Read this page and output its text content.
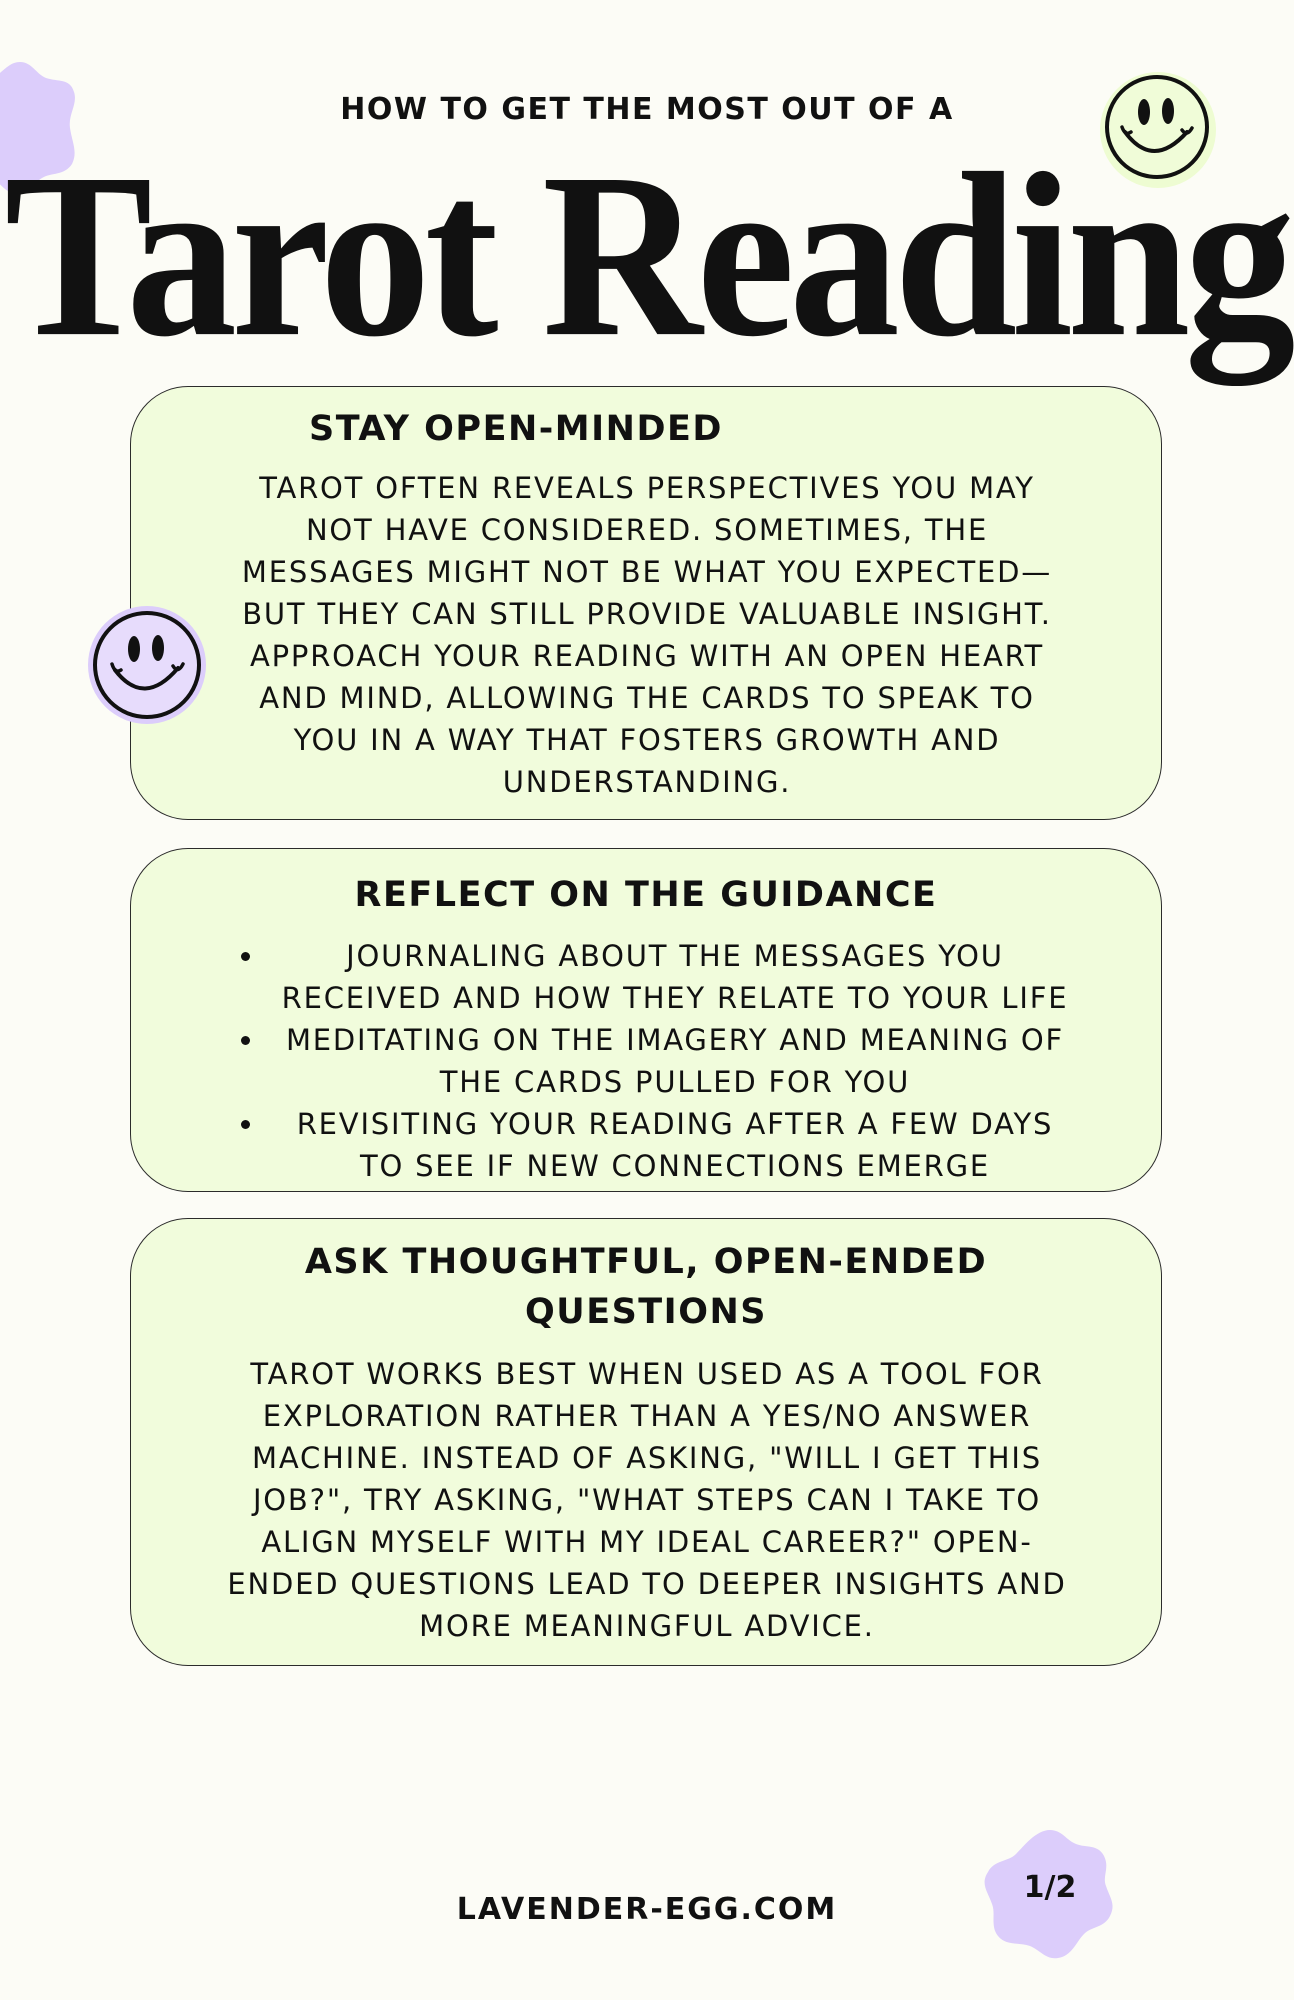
HOW TO GET THE MOST OUT OF A

Tarot Reading
STAY OPEN-MINDED
TAROT OFTEN REVEALS PERSPECTIVES YOU MAY
NOT HAVE CONSIDERED. SOMETIMES, THE
MESSAGES MIGHT NOT BE WHAT YOU EXPECTED—
BUT THEY CAN STILL PROVIDE VALUABLE INSIGHT.
APPROACH YOUR READING WITH AN OPEN HEART
AND MIND, ALLOWING THE CARDS TO SPEAK TO
YOU IN A WAY THAT FOSTERS GROWTH AND
UNDERSTANDING.
REFLECT ON THE GUIDANCE
JOURNALING ABOUT THE MESSAGES YOU
RECEIVED AND HOW THEY RELATE TO YOUR LIFE
MEDITATING ON THE IMAGERY AND MEANING OF
THE CARDS PULLED FOR YOU
REVISITING YOUR READING AFTER A FEW DAYS
TO SEE IF NEW CONNECTIONS EMERGE
ASK THOUGHTFUL, OPEN-ENDED
QUESTIONS
TAROT WORKS BEST WHEN USED AS A TOOL FOR
EXPLORATION RATHER THAN A YES/NO ANSWER
MACHINE. INSTEAD OF ASKING, "WILL I GET THIS
JOB?", TRY ASKING, "WHAT STEPS CAN I TAKE TO
ALIGN MYSELF WITH MY IDEAL CAREER?" OPEN-
ENDED QUESTIONS LEAD TO DEEPER INSIGHTS AND
MORE MEANINGFUL ADVICE.

LAVENDER-EGG.COM

1/2
